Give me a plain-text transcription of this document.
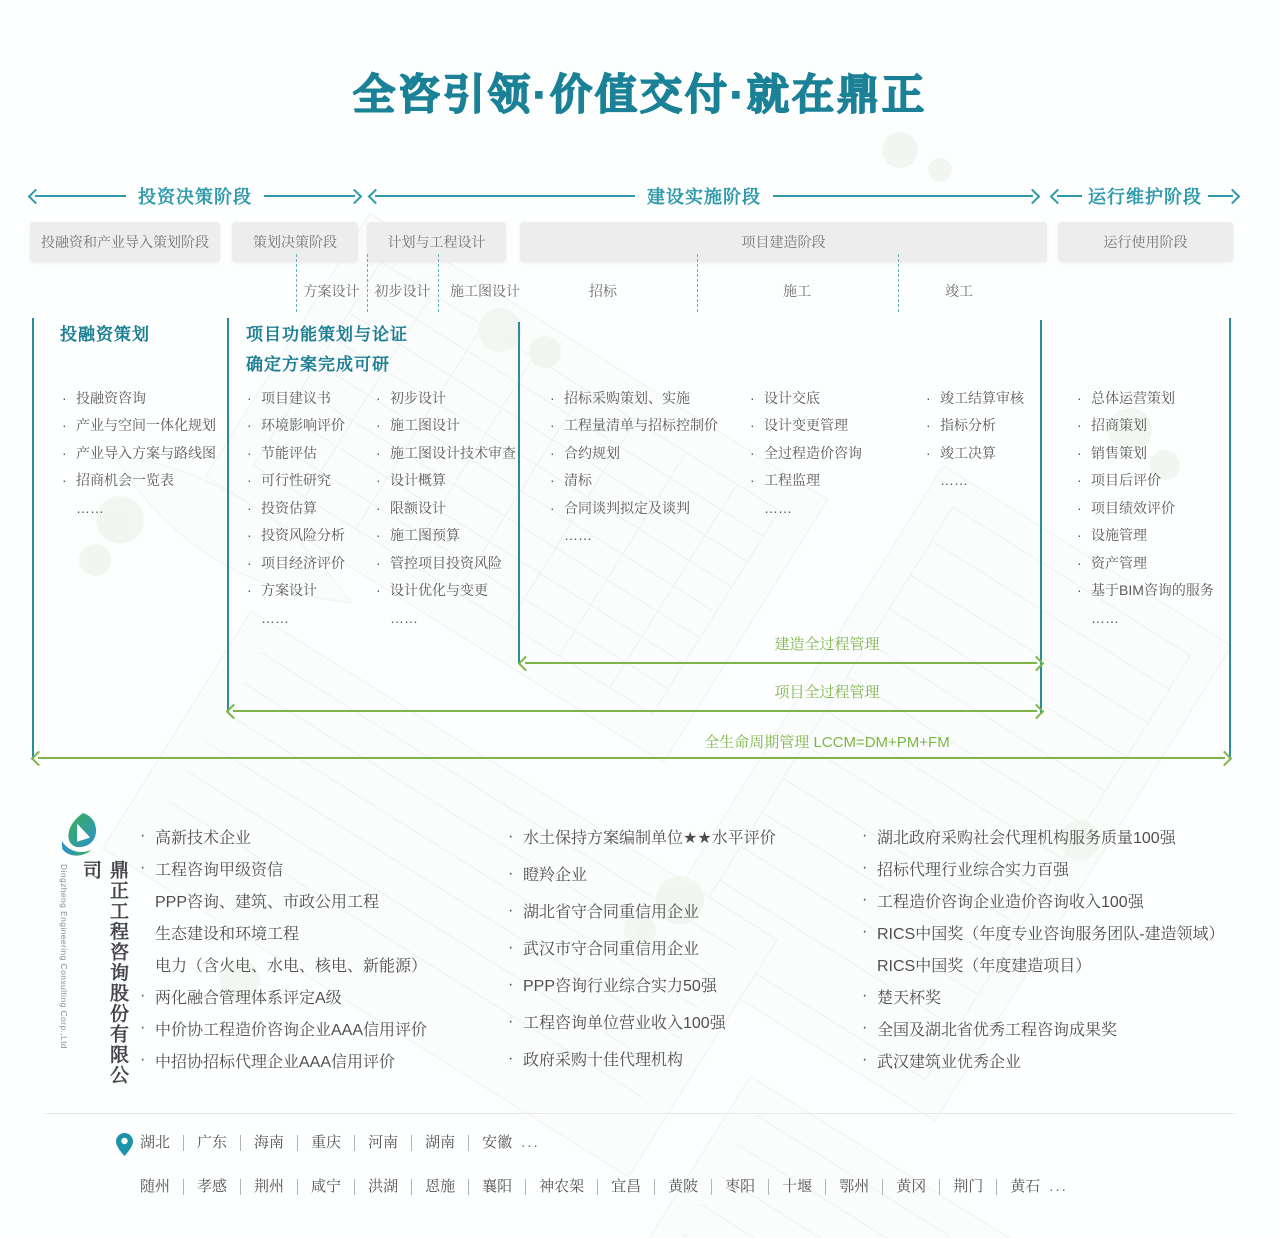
全咨引领·价值交付·就在鼎正
投资决策阶段	建设实施阶段	运行维护阶段
投融资和产业导入策划阶段	策划决策阶段	计划与工程设计	项目建造阶段	运行使用阶段
方案设计	初步设计	施工图设计	招标	施工	竣工
投融资策划	项目功能策划与论证
确定方案完成可研
· 投融资咨询
· 产业与空间一体化规划
· 产业导入方案与路线图
· 招商机会一览表
……
· 项目建议书
· 环境影响评价
· 节能评估
· 可行性研究
· 投资估算
· 投资风险分析
· 项目经济评价
· 方案设计
……
· 初步设计
· 施工图设计
· 施工图设计技术审查
· 设计概算
· 限额设计
· 施工图预算
· 管控项目投资风险
· 设计优化与变更
……
· 招标采购策划、实施
· 工程量清单与招标控制价
· 合约规划
· 清标
· 合同谈判拟定及谈判
……
· 设计交底
· 设计变更管理
· 全过程造价咨询
· 工程监理
……
· 竣工结算审核
· 指标分析
· 竣工决算
……
· 总体运营策划
· 招商策划
· 销售策划
· 项目后评价
· 项目绩效评价
· 设施管理
· 资产管理
· 基于BIM咨询的服务
……
建造全过程管理
项目全过程管理
全生命周期管理 LCCM=DM+PM+FM
Dingzheng Engineering Consulting Corp.,Ltd	鼎正工程咨询股份有限公司
· 高新技术企业
· 工程咨询甲级资信
PPP咨询、建筑、市政公用工程
生态建设和环境工程
电力（含火电、水电、核电、新能源）
· 两化融合管理体系评定A级
· 中价协工程造价咨询企业AAA信用评价
· 中招协招标代理企业AAA信用评价
· 水土保持方案编制单位★★水平评价
· 瞪羚企业
· 湖北省守合同重信用企业
· 武汉市守合同重信用企业
· PPP咨询行业综合实力50强
· 工程咨询单位营业收入100强
· 政府采购十佳代理机构
· 湖北政府采购社会代理机构服务质量100强
· 招标代理行业综合实力百强
· 工程造价咨询企业造价咨询收入100强
· RICS中国奖（年度专业咨询服务团队-建造领域）
RICS中国奖（年度建造项目）
· 楚天杯奖
· 全国及湖北省优秀工程咨询成果奖
· 武汉建筑业优秀企业
湖北	广东	海南	重庆	河南	湖南	安徽 ...
随州	孝感	荆州	咸宁	洪湖	恩施	襄阳	神农架	宜昌	黄陂	枣阳	十堰	鄂州	黄冈	荆门	黄石 ...
